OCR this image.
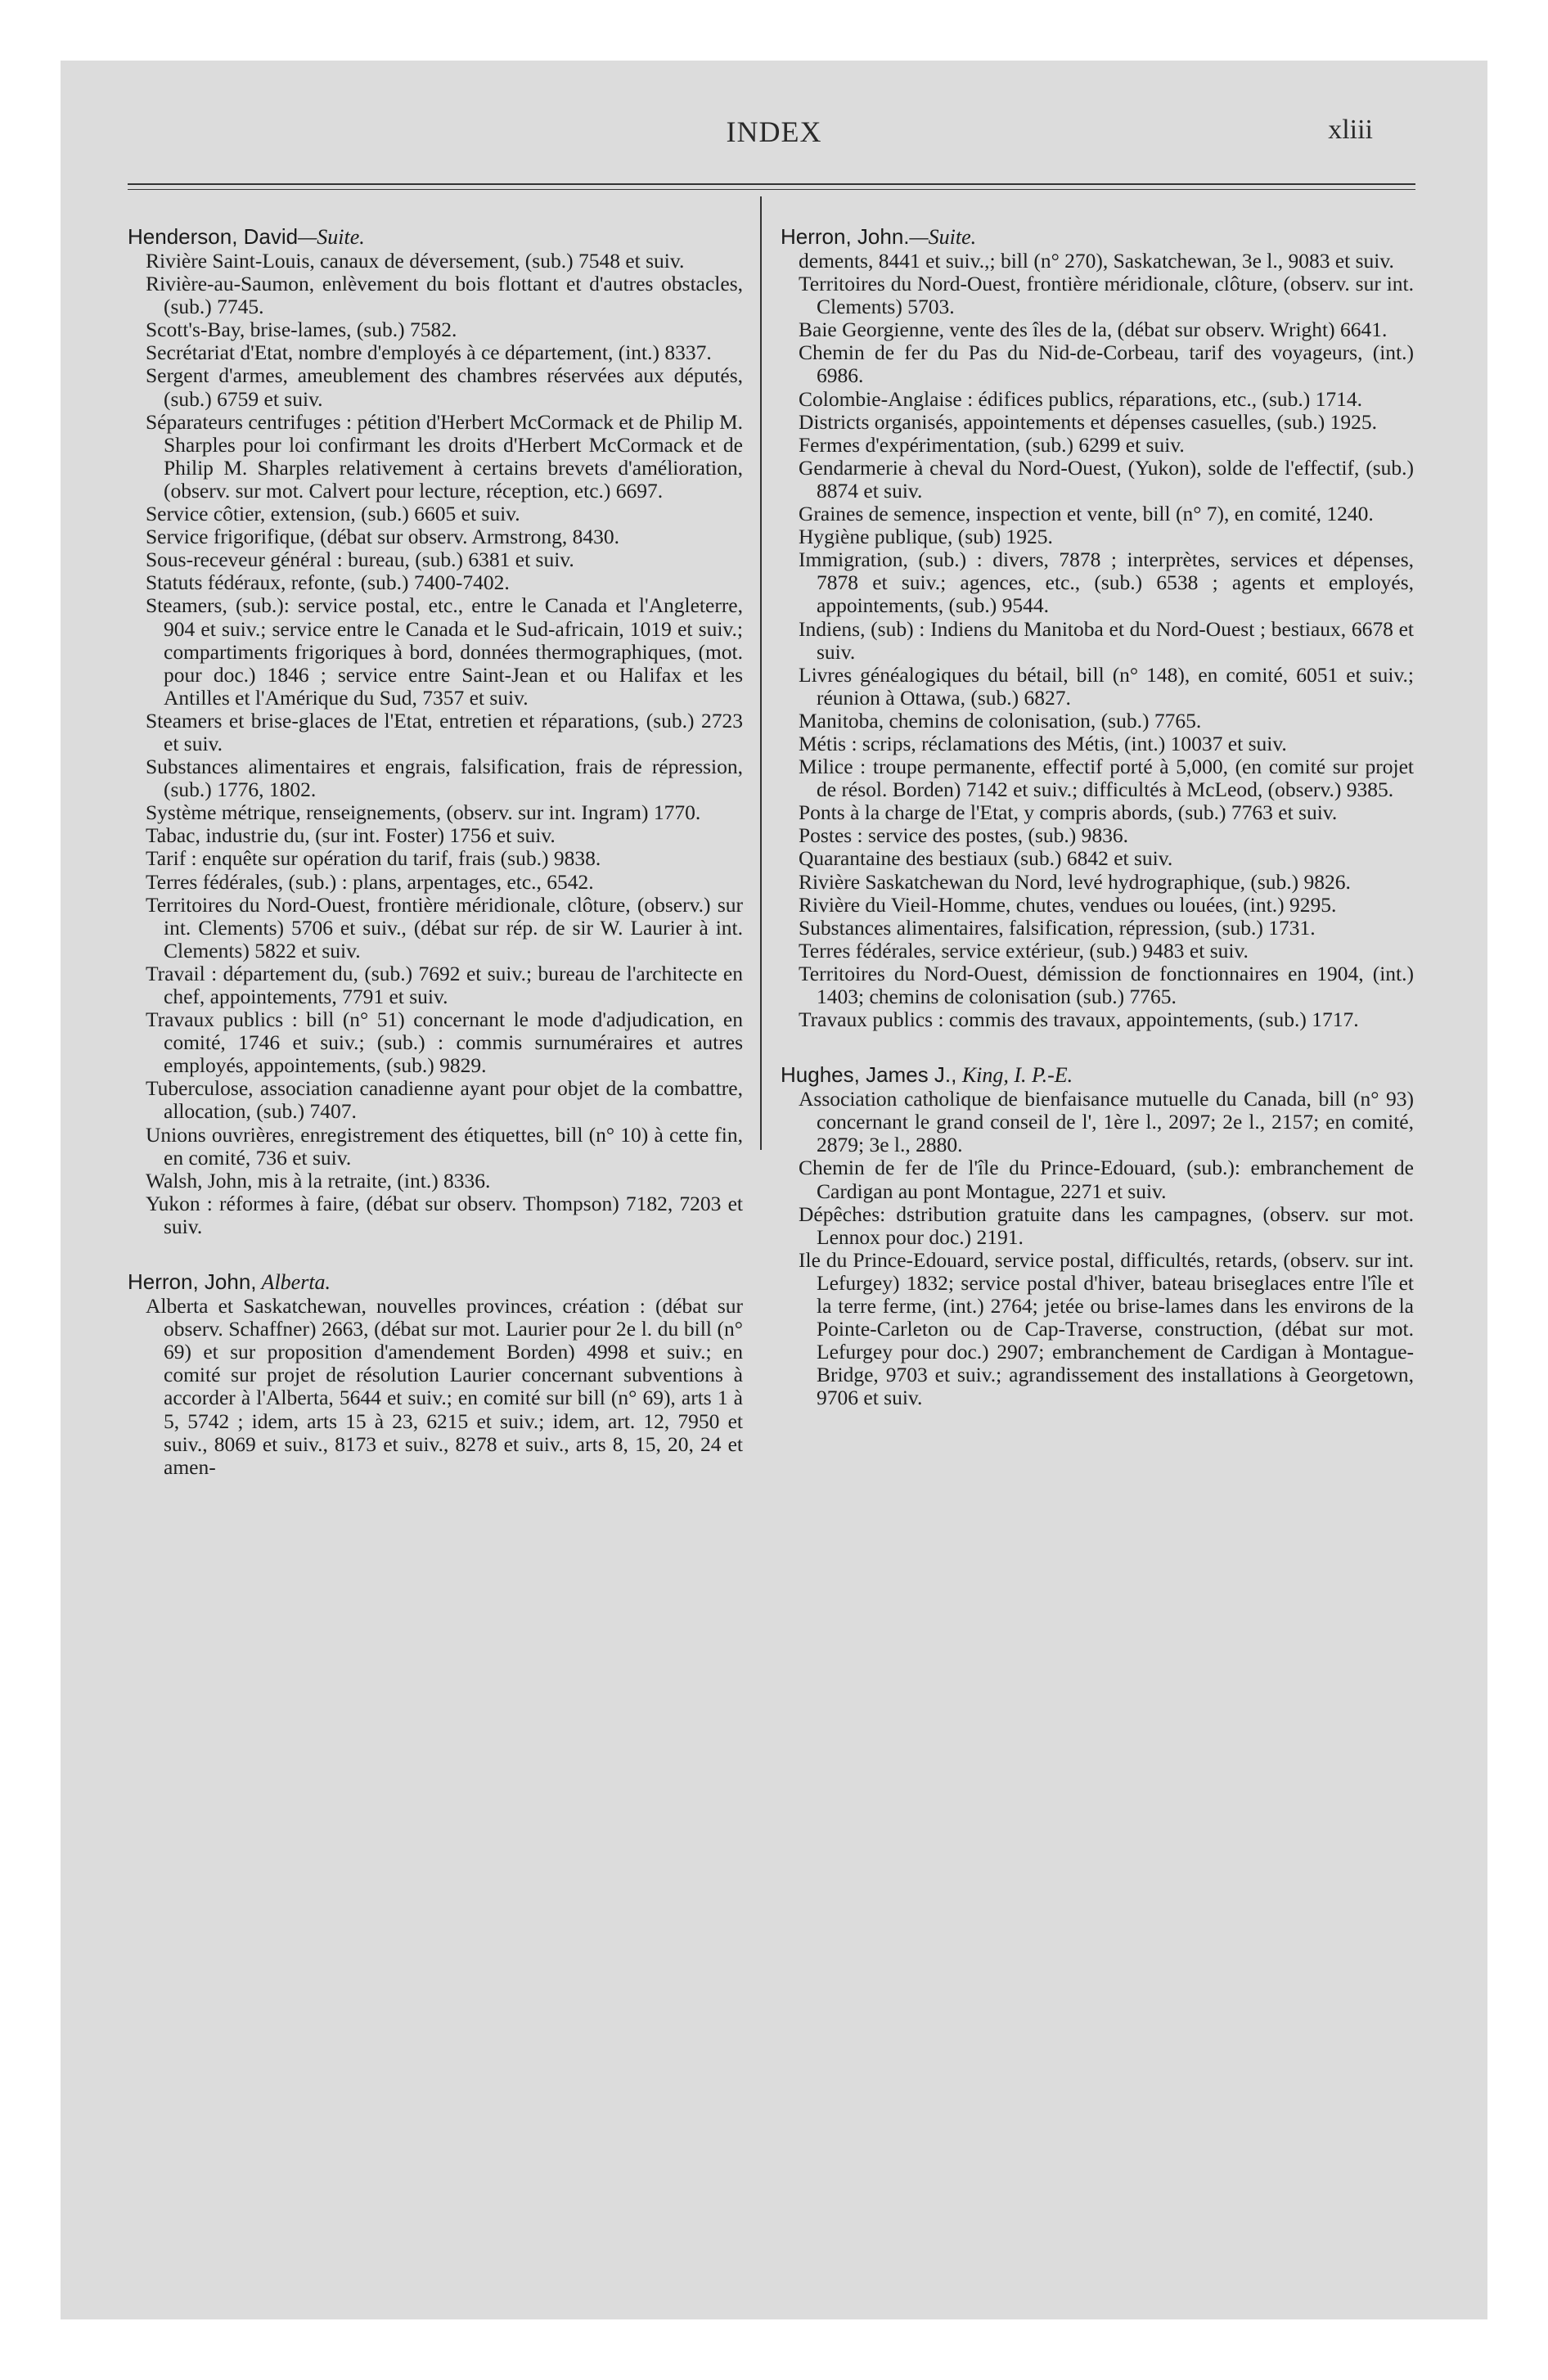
INDEX	xliii
Henderson, David—Suite.
Rivière Saint-Louis, canaux de déversement, (sub.) 7548 et suiv.
Rivière-au-Saumon, enlèvement du bois flottant et d'autres obstacles, (sub.) 7745.
Scott's-Bay, brise-lames, (sub.) 7582.
Secrétariat d'Etat, nombre d'employés à ce département, (int.) 8337.
Sergent d'armes, ameublement des chambres réservées aux députés, (sub.) 6759 et suiv.
Séparateurs centrifuges : pétition d'Herbert McCormack et de Philip M. Sharples pour loi confirmant les droits d'Herbert McCormack et de Philip M. Sharples relativement à certains brevets d'amélioration, (observ. sur mot. Calvert pour lecture, réception, etc.) 6697.
Service côtier, extension, (sub.) 6605 et suiv.
Service frigorifique, (débat sur observ. Armstrong, 8430.
Sous-receveur général : bureau, (sub.) 6381 et suiv.
Statuts fédéraux, refonte, (sub.) 7400-7402.
Steamers, (sub.): service postal, etc., entre le Canada et l'Angleterre, 904 et suiv.; service entre le Canada et le Sud-africain, 1019 et suiv.; compartiments frigoriques à bord, données thermographiques, (mot. pour doc.) 1846 ; service entre Saint-Jean et ou Halifax et les Antilles et l'Amérique du Sud, 7357 et suiv.
Steamers et brise-glaces de l'Etat, entretien et réparations, (sub.) 2723 et suiv.
Substances alimentaires et engrais, falsification, frais de répression, (sub.) 1776, 1802.
Système métrique, renseignements, (observ. sur int. Ingram) 1770.
Tabac, industrie du, (sur int. Foster) 1756 et suiv.
Tarif : enquête sur opération du tarif, frais (sub.) 9838.
Terres fédérales, (sub.) : plans, arpentages, etc., 6542.
Territoires du Nord-Ouest, frontière méridionale, clôture, (observ.) sur int. Clements) 5706 et suiv., (débat sur rép. de sir W. Laurier à int. Clements) 5822 et suiv.
Travail : département du, (sub.) 7692 et suiv.; bureau de l'architecte en chef, appointements, 7791 et suiv.
Travaux publics : bill (n° 51) concernant le mode d'adjudication, en comité, 1746 et suiv.; (sub.) : commis surnuméraires et autres employés, appointements, (sub.) 9829.
Tuberculose, association canadienne ayant pour objet de la combattre, allocation, (sub.) 7407.
Unions ouvrières, enregistrement des étiquettes, bill (n° 10) à cette fin, en comité, 736 et suiv.
Walsh, John, mis à la retraite, (int.) 8336.
Yukon : réformes à faire, (débat sur observ. Thompson) 7182, 7203 et suiv.
Herron, John, Alberta.
Alberta et Saskatchewan, nouvelles provinces, création : (débat sur observ. Schaffner) 2663, (débat sur mot. Laurier pour 2e l. du bill (n° 69) et sur proposition d'amendement Borden) 4998 et suiv.; en comité sur projet de résolution Laurier concernant subventions à accorder à l'Alberta, 5644 et suiv.; en comité sur bill (n° 69), arts 1 à 5, 5742 ; idem, arts 15 à 23, 6215 et suiv.; idem, art. 12, 7950 et suiv., 8069 et suiv., 8173 et suiv., 8278 et suiv., arts 8, 15, 20, 24 et amen-
Herron, John.—Suite.
dements, 8441 et suiv.,; bill (n° 270), Saskatchewan, 3e l., 9083 et suiv.
Territoires du Nord-Ouest, frontière méridionale, clôture, (observ. sur int. Clements) 5703.
Baie Georgienne, vente des îles de la, (débat sur observ. Wright) 6641.
Chemin de fer du Pas du Nid-de-Corbeau, tarif des voyageurs, (int.) 6986.
Colombie-Anglaise : édifices publics, réparations, etc., (sub.) 1714.
Districts organisés, appointements et dépenses casuelles, (sub.) 1925.
Fermes d'expérimentation, (sub.) 6299 et suiv.
Gendarmerie à cheval du Nord-Ouest, (Yukon), solde de l'effectif, (sub.) 8874 et suiv.
Graines de semence, inspection et vente, bill (n° 7), en comité, 1240.
Hygiène publique, (sub) 1925.
Immigration, (sub.) : divers, 7878 ; interprètes, services et dépenses, 7878 et suiv.; agences, etc., (sub.) 6538 ; agents et employés, appointements, (sub.) 9544.
Indiens, (sub) : Indiens du Manitoba et du Nord-Ouest ; bestiaux, 6678 et suiv.
Livres généalogiques du bétail, bill (n° 148), en comité, 6051 et suiv.; réunion à Ottawa, (sub.) 6827.
Manitoba, chemins de colonisation, (sub.) 7765.
Métis : scrips, réclamations des Métis, (int.) 10037 et suiv.
Milice : troupe permanente, effectif porté à 5,000, (en comité sur projet de résol. Borden) 7142 et suiv.; difficultés à McLeod, (observ.) 9385.
Ponts à la charge de l'Etat, y compris abords, (sub.) 7763 et suiv.
Postes : service des postes, (sub.) 9836.
Quarantaine des bestiaux (sub.) 6842 et suiv.
Rivière Saskatchewan du Nord, levé hydrographique, (sub.) 9826.
Rivière du Vieil-Homme, chutes, vendues ou louées, (int.) 9295.
Substances alimentaires, falsification, répression, (sub.) 1731.
Terres fédérales, service extérieur, (sub.) 9483 et suiv.
Territoires du Nord-Ouest, démission de fonctionnaires en 1904, (int.) 1403; chemins de colonisation (sub.) 7765.
Travaux publics : commis des travaux, appointements, (sub.) 1717.
Hughes, James J., King, I. P.-E.
Association catholique de bienfaisance mutuelle du Canada, bill (n° 93) concernant le grand conseil de l', 1ère l., 2097; 2e l., 2157; en comité, 2879; 3e l., 2880.
Chemin de fer de l'île du Prince-Edouard, (sub.): embranchement de Cardigan au pont Montague, 2271 et suiv.
Dépêches: dstribution gratuite dans les campagnes, (observ. sur mot. Lennox pour doc.) 2191.
Ile du Prince-Edouard, service postal, difficultés, retards, (observ. sur int. Lefurgey) 1832; service postal d'hiver, bateau briseglaces entre l'île et la terre ferme, (int.) 2764; jetée ou brise-lames dans les environs de la Pointe-Carleton ou de Cap-Traverse, construction, (débat sur mot. Lefurgey pour doc.) 2907; embranchement de Cardigan à Montague-Bridge, 9703 et suiv.; agrandissement des installations à Georgetown, 9706 et suiv.
